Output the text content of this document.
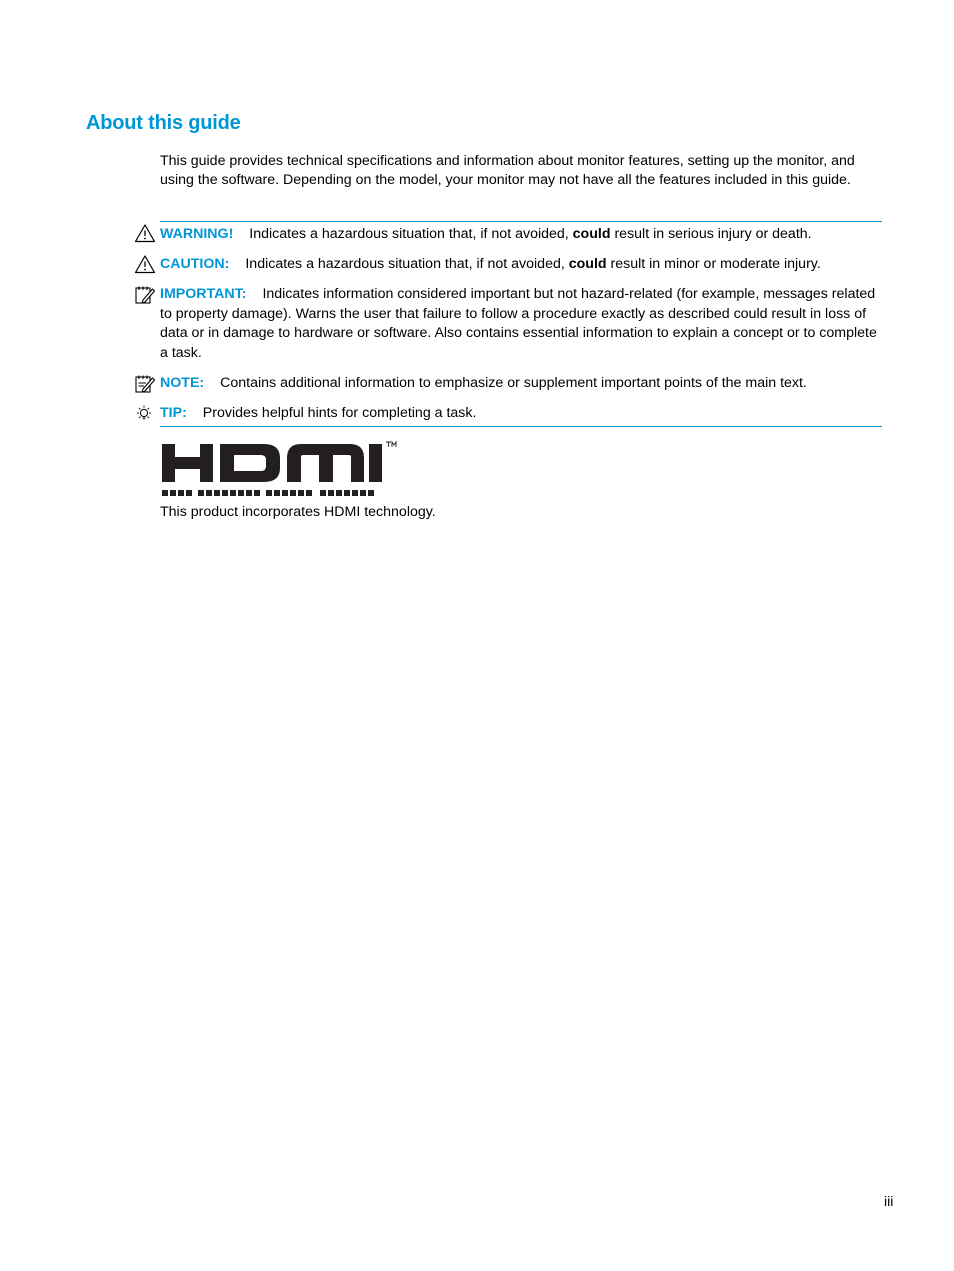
About this guide

This guide provides technical specifications and information about monitor features, setting up the monitor, and using the software. Depending on the model, your monitor may not have all the features included in this guide.

WARNING! Indicates a hazardous situation that, if not avoided, could result in serious injury or death.
CAUTION: Indicates a hazardous situation that, if not avoided, could result in minor or moderate injury.
IMPORTANT: Indicates information considered important but not hazard-related (for example, messages related to property damage). Warns the user that failure to follow a procedure exactly as described could result in loss of data or in damage to hardware or software. Also contains essential information to explain a concept or to complete a task.
NOTE: Contains additional information to emphasize or supplement important points of the main text.
TIP: Provides helpful hints for completing a task.

This product incorporates HDMI technology.

iii
